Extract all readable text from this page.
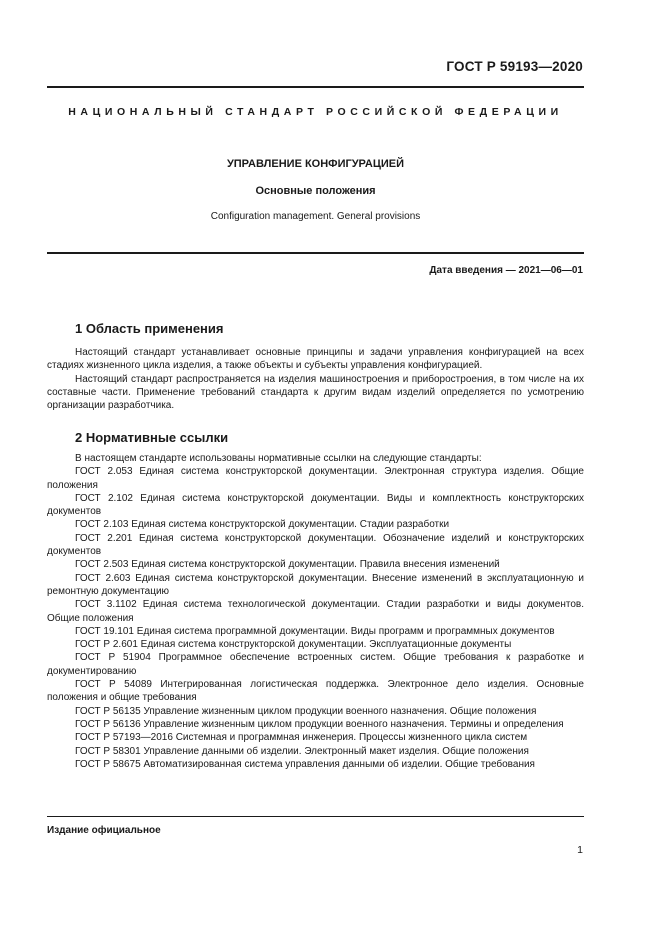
ГОСТ Р 59193—2020
НАЦИОНАЛЬНЫЙ СТАНДАРТ РОССИЙСКОЙ ФЕДЕРАЦИИ
УПРАВЛЕНИЕ КОНФИГУРАЦИЕЙ
Основные положения
Configuration management. General provisions
Дата введения — 2021—06—01
1 Область применения

Настоящий стандарт устанавливает основные принципы и задачи управления конфигурацией на всех стадиях жизненного цикла изделия, а также объекты и субъекты управления конфигурацией.

Настоящий стандарт распространяется на изделия машиностроения и приборостроения, в том числе на их составные части. Применение требований стандарта к другим видам изделий определяется по усмотрению организации разработчика.

2 Нормативные ссылки

В настоящем стандарте использованы нормативные ссылки на следующие стандарты:

ГОСТ 2.053 Единая система конструкторской документации. Электронная структура изделия. Общие положения

ГОСТ 2.102 Единая система конструкторской документации. Виды и комплектность конструкторских документов

ГОСТ 2.103 Единая система конструкторской документации. Стадии разработки

ГОСТ 2.201 Единая система конструкторской документации. Обозначение изделий и конструкторских документов

ГОСТ 2.503 Единая система конструкторской документации. Правила внесения изменений

ГОСТ 2.603 Единая система конструкторской документации. Внесение изменений в эксплуатационную и ремонтную документацию

ГОСТ 3.1102 Единая система технологической документации. Стадии разработки и виды документов. Общие положения

ГОСТ 19.101 Единая система программной документации. Виды программ и программных документов

ГОСТ Р 2.601 Единая система конструкторской документации. Эксплуатационные документы

ГОСТ Р 51904 Программное обеспечение встроенных систем. Общие требования к разработке и документированию

ГОСТ Р 54089 Интегрированная логистическая поддержка. Электронное дело изделия. Основные положения и общие требования

ГОСТ Р 56135 Управление жизненным циклом продукции военного назначения. Общие положения

ГОСТ Р 56136 Управление жизненным циклом продукции военного назначения. Термины и определения

ГОСТ Р 57193—2016 Системная и программная инженерия. Процессы жизненного цикла систем

ГОСТ Р 58301 Управление данными об изделии. Электронный макет изделия. Общие положения

ГОСТ Р 58675 Автоматизированная система управления данными об изделии. Общие требования

Издание официальное
1
